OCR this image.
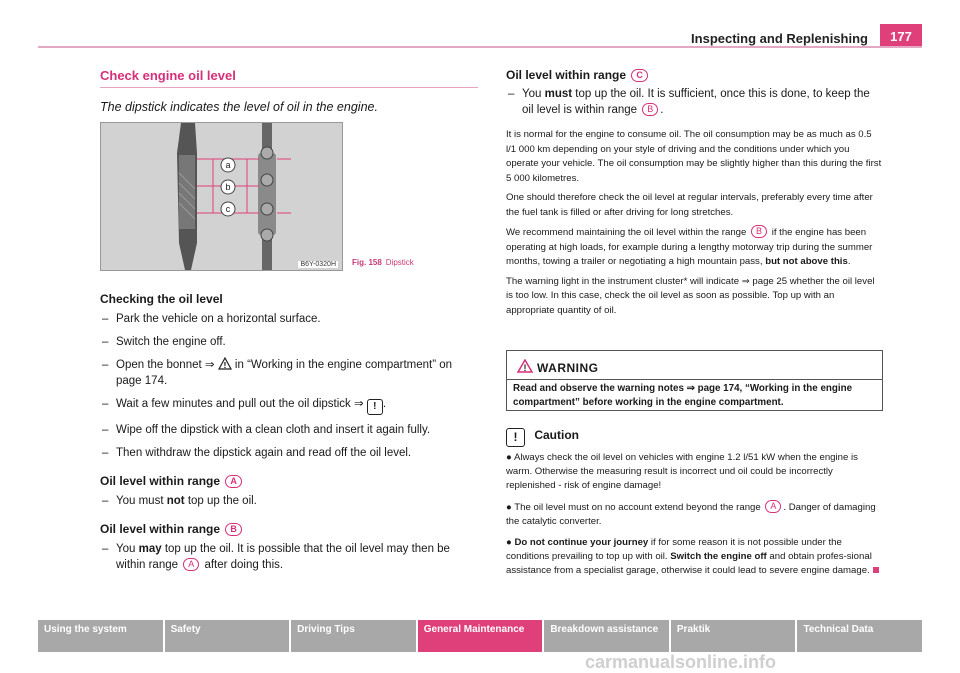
Inspecting and Replenishing	177
Check engine oil level

The dipstick indicates the level of oil in the engine.

a
b
c
B6Y-0320H Fig. 158 Dipstick

Checking the oil level

– Park the vehicle on a horizontal surface.

– Switch the engine off.

– Open the bonnet ⇒ ! in “Working in the engine compartment” on page 174.

– Wait a few minutes and pull out the oil dipstick ⇒ ! .

– Wipe off the dipstick with a clean cloth and insert it again fully.

– Then withdraw the dipstick again and read off the oil level.

Oil level within range A

– You must not top up the oil.

Oil level within range B

– You may top up the oil. It is possible that the oil level may then be within range A after doing this.

Oil level within range C

– You must top up the oil. It is sufficient, once this is done, to keep the oil level is within range B .

It is normal for the engine to consume oil. The oil consumption may be as much as 0.5 l/1 000 km depending on your style of driving and the conditions under which you operate your vehicle. The oil consumption may be slightly higher than this during the first 5 000 kilometres.

One should therefore check the oil level at regular intervals, preferably every time after the fuel tank is filled or after driving for long stretches.

We recommend maintaining the oil level within the range B if the engine has been operating at high loads, for example during a lengthy motorway trip during the summer months, towing a trailer or negotiating a high mountain pass, but not above this.

The warning light in the instrument cluster* will indicate ⇒ page 25 whether the oil level is too low. In this case, check the oil level as soon as possible. Top up with an appropriate quantity of oil.

! WARNING
Read and observe the warning notes ⇒ page 174, “Working in the engine compartment” before working in the engine compartment.
! Caution

● Always check the oil level on vehicles with engine 1.2 l/51 kW when the engine is warm. Otherwise the measuring result is incorrect und oil could be incorrectly replenished - risk of engine damage!

● The oil level must on no account extend beyond the range A . Danger of damaging the catalytic converter.

● Do not continue your journey if for some reason it is not possible under the conditions prevailing to top up with oil. Switch the engine off and obtain profes-sional assistance from a specialist garage, otherwise it could lead to severe engine damage.

Using the system	Safety	Driving Tips	General Maintenance	Breakdown assistance	Praktik	Technical Data
carmanualsonline.info
